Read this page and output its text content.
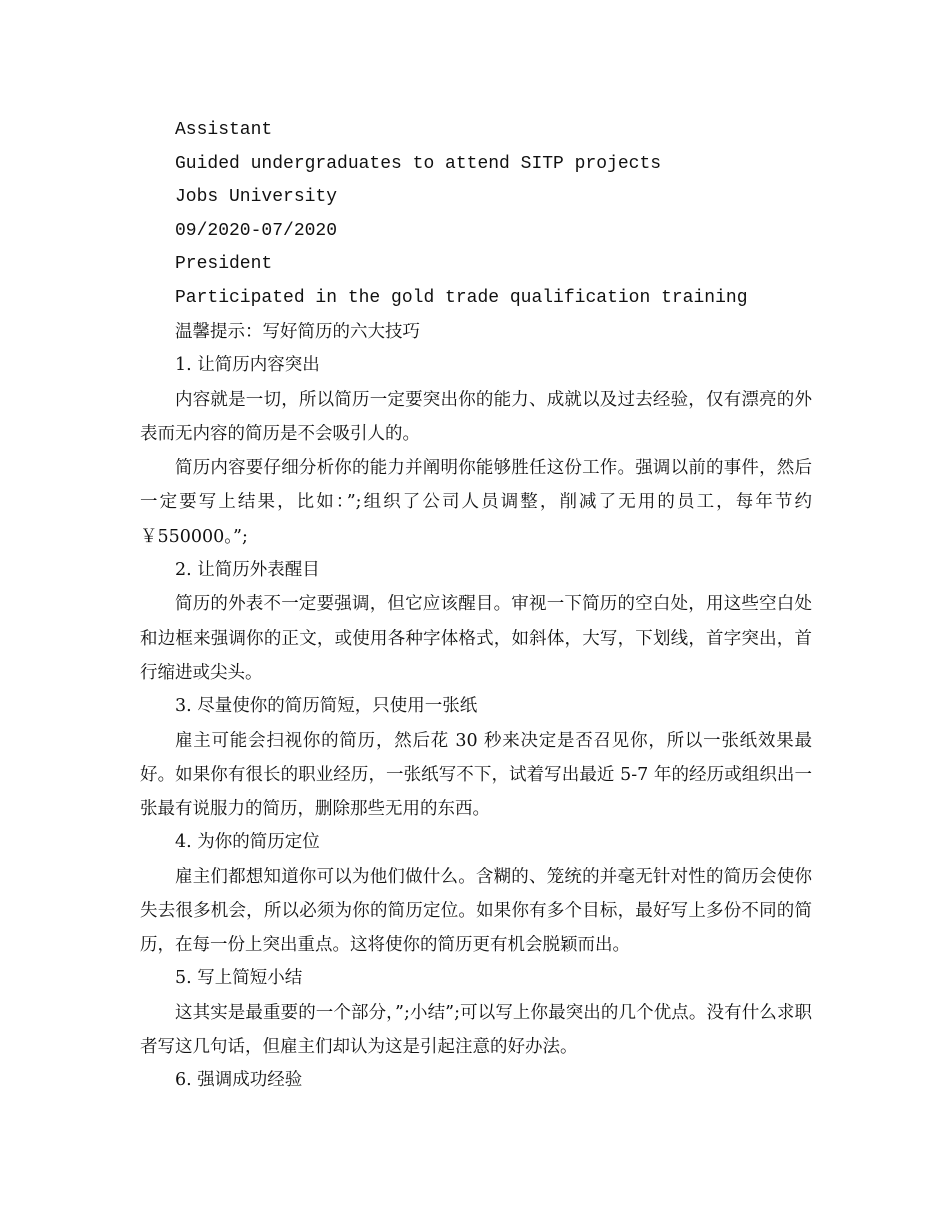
Assistant
Guided undergraduates to attend SITP projects
Jobs University
09/2020-07/2020
President
Participated in the gold trade qualification training
温馨提示：写好简历的六大技巧
1. 让简历内容突出

内容就是一切，所以简历一定要突出你的能力、成就以及过去经验，仅有漂亮的外表而无内容的简历是不会吸引人的。

简历内容要仔细分析你的能力并阐明你能够胜任这份工作。强调以前的事件，然后一定要写上结果，比如：”;组织了公司人员调整，削减了无用的员工，每年节约￥550000。”;

2. 让简历外表醒目

简历的外表不一定要强调，但它应该醒目。审视一下简历的空白处，用这些空白处和边框来强调你的正文，或使用各种字体格式，如斜体，大写，下划线，首字突出，首行缩进或尖头。

3. 尽量使你的简历简短，只使用一张纸

雇主可能会扫视你的简历，然后花 30 秒来决定是否召见你，所以一张纸效果最好。如果你有很长的职业经历，一张纸写不下，试着写出最近 5-7 年的经历或组织出一张最有说服力的简历，删除那些无用的东西。

4. 为你的简历定位

雇主们都想知道你可以为他们做什么。含糊的、笼统的并毫无针对性的简历会使你失去很多机会，所以必须为你的简历定位。如果你有多个目标，最好写上多份不同的简历，在每一份上突出重点。这将使你的简历更有机会脱颖而出。

5. 写上简短小结

这其实是最重要的一个部分，”;小结”;可以写上你最突出的几个优点。没有什么求职者写这几句话，但雇主们却认为这是引起注意的好办法。

6. 强调成功经验
